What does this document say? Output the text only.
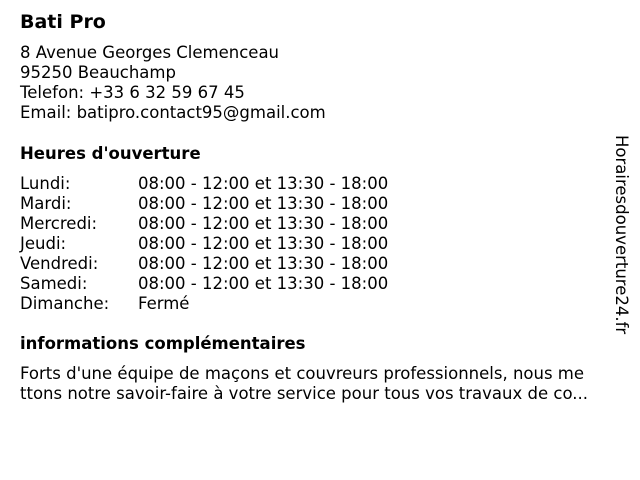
Bati Pro
8 Avenue Georges Clemenceau
95250 Beauchamp
Telefon: +33 6 32 59 67 45
Email: batipro.contact95@gmail.com
Heures d'ouverture
Lundi:	08:00 - 12:00 et 13:30 - 18:00
Mardi:	08:00 - 12:00 et 13:30 - 18:00
Mercredi: 08:00 - 12:00 et 13:30 - 18:00
Jeudi:	08:00 - 12:00 et 13:30 - 18:00
Vendredi: 08:00 - 12:00 et 13:30 - 18:00
Samedi:	08:00 - 12:00 et 13:30 - 18:00
Dimanche: Fermé
informations complémentaires
Forts d'une équipe de maçons et couvreurs professionnels, nous me
ttons notre savoir-faire à votre service pour tous vos travaux de co...
Horairesdouverture24.fr
